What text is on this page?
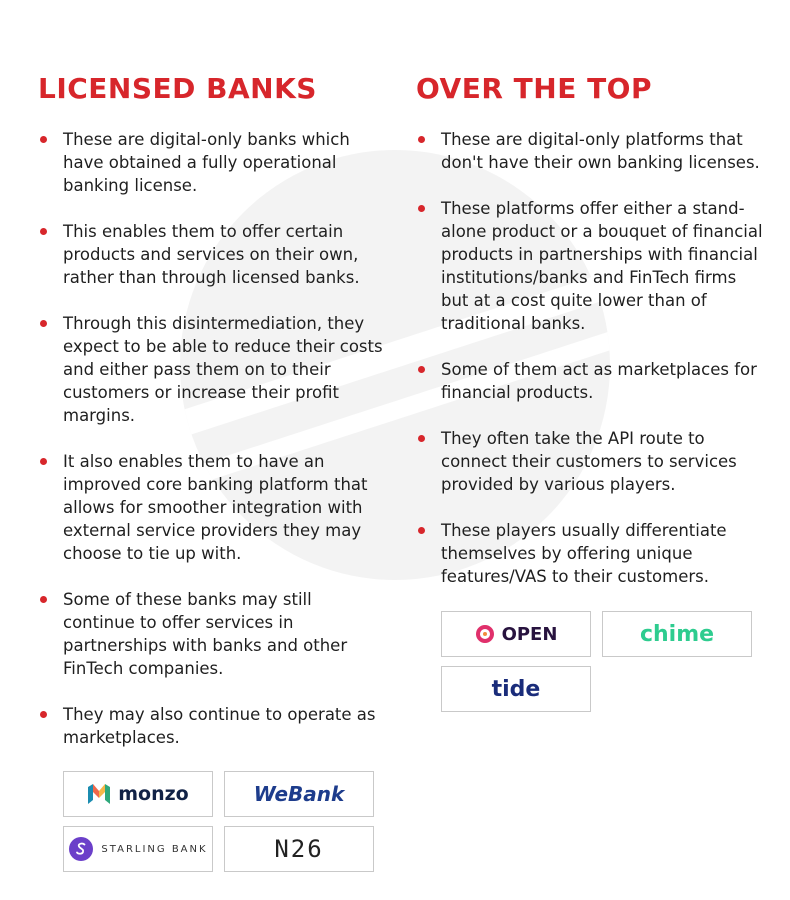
LICENSED BANKS
These are digital-only banks which have obtained a fully operational banking license.
This enables them to offer certain products and services on their own, rather than through licensed banks.
Through this disintermediation, they expect to be able to reduce their costs and either pass them on to their customers or increase their profit margins.
It also enables them to have an improved core banking platform that allows for smoother integration with external service providers they may choose to tie up with.
Some of these banks may still continue to offer services in partnerships with banks and other FinTech companies.
They may also continue to operate as marketplaces.
monzo	WeBank
STARLING BANK	N26
OVER THE TOP
These are digital-only platforms that don't have their own banking licenses.
These platforms offer either a stand-alone product or a bouquet of financial products in partnerships with financial institutions/banks and FinTech firms but at a cost quite lower than of traditional banks.
Some of them act as marketplaces for financial products.
They often take the API route to connect their customers to services provided by various players.
These players usually differentiate themselves by offering unique features/VAS to their customers.
OPEN	chime
tide
